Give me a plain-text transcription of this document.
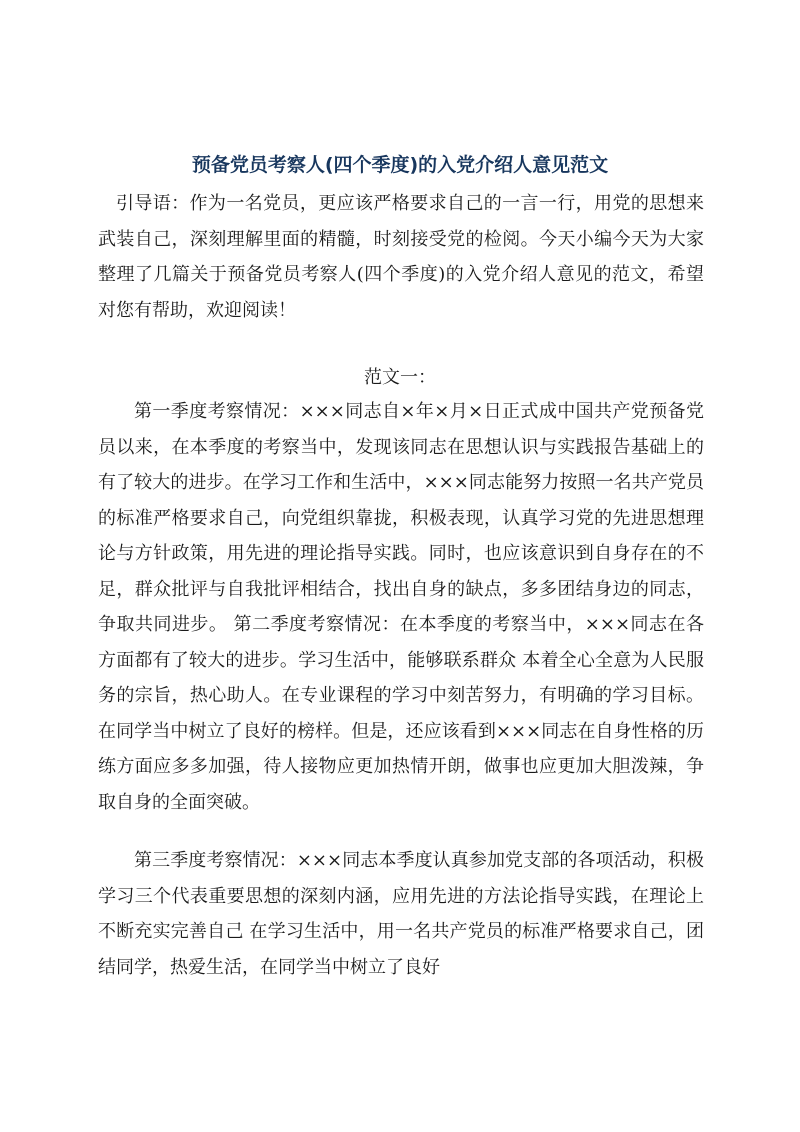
预备党员考察人(四个季度)的入党介绍人意见范文

引导语：作为一名党员，更应该严格要求自己的一言一行，用党的思想来武装自己，深刻理解里面的精髓，时刻接受党的检阅。今天小编今天为大家整理了几篇关于预备党员考察人(四个季度)的入党介绍人意见的范文，希望对您有帮助，欢迎阅读！

范文一：

第一季度考察情况：×××同志自×年×月×日正式成中国共产党预备党员以来，在本季度的考察当中，发现该同志在思想认识与实践报告基础上的有了较大的进步。在学习工作和生活中，×××同志能努力按照一名共产党员的标准严格要求自己，向党组织靠拢，积极表现，认真学习党的先进思想理论与方针政策，用先进的理论指导实践。同时，也应该意识到自身存在的不足，群众批评与自我批评相结合，找出自身的缺点，多多团结身边的同志，争取共同进步。 第二季度考察情况：在本季度的考察当中，×××同志在各方面都有了较大的进步。学习生活中，能够联系群众 本着全心全意为人民服务的宗旨，热心助人。在专业课程的学习中刻苦努力，有明确的学习目标。在同学当中树立了良好的榜样。但是，还应该看到×××同志在自身性格的历练方面应多多加强，待人接物应更加热情开朗，做事也应更加大胆泼辣，争取自身的全面突破。

第三季度考察情况：×××同志本季度认真参加党支部的各项活动，积极学习三个代表重要思想的深刻内涵，应用先进的方法论指导实践，在理论上不断充实完善自己 在学习生活中，用一名共产党员的标准严格要求自己，团结同学，热爱生活，在同学当中树立了良好
